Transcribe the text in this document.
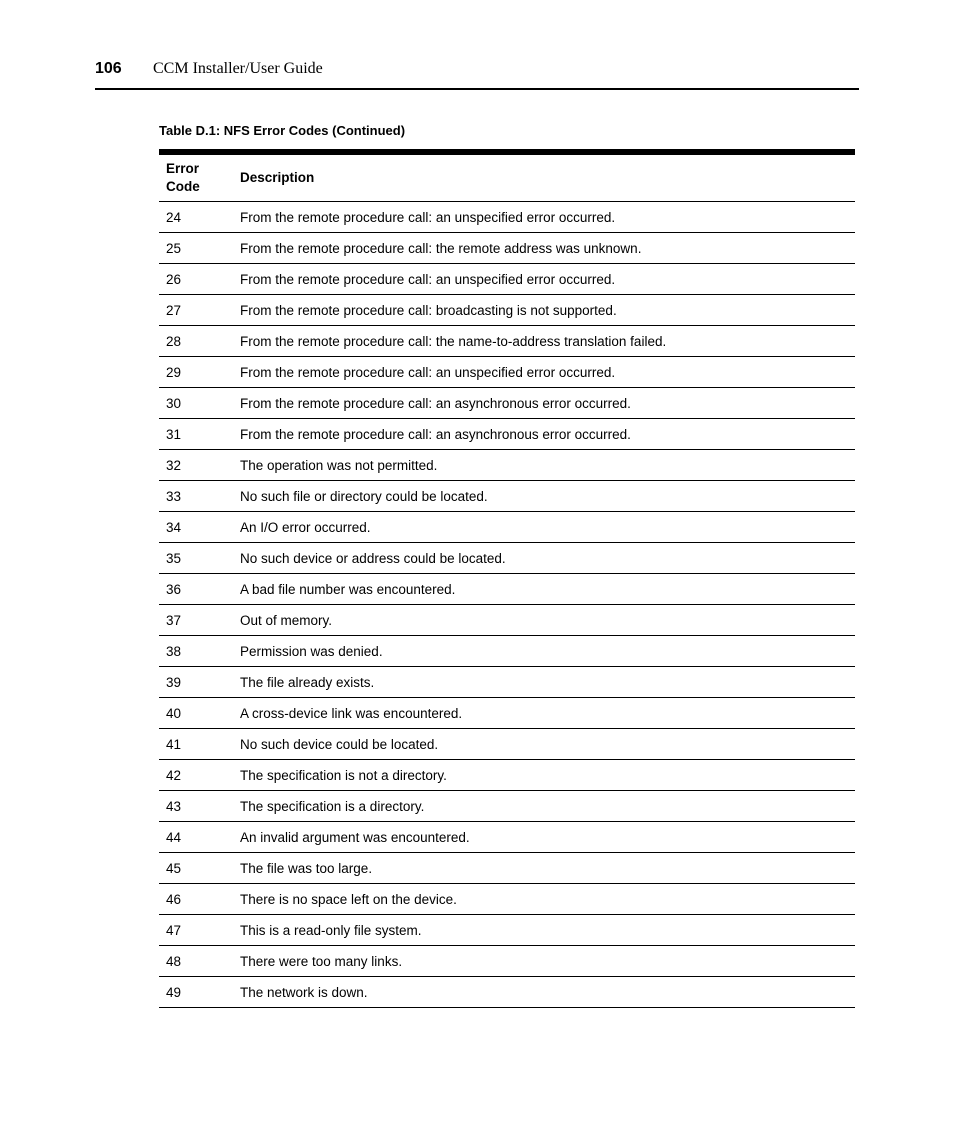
106 CCM Installer/User Guide
Table D.1: NFS Error Codes (Continued)
Error Code	Description
24	From the remote procedure call: an unspecified error occurred.
25	From the remote procedure call: the remote address was unknown.
26	From the remote procedure call: an unspecified error occurred.
27	From the remote procedure call: broadcasting is not supported.
28	From the remote procedure call: the name-to-address translation failed.
29	From the remote procedure call: an unspecified error occurred.
30	From the remote procedure call: an asynchronous error occurred.
31	From the remote procedure call: an asynchronous error occurred.
32	The operation was not permitted.
33	No such file or directory could be located.
34	An I/O error occurred.
35	No such device or address could be located.
36	A bad file number was encountered.
37	Out of memory.
38	Permission was denied.
39	The file already exists.
40	A cross-device link was encountered.
41	No such device could be located.
42	The specification is not a directory.
43	The specification is a directory.
44	An invalid argument was encountered.
45	The file was too large.
46	There is no space left on the device.
47	This is a read-only file system.
48	There were too many links.
49	The network is down.
